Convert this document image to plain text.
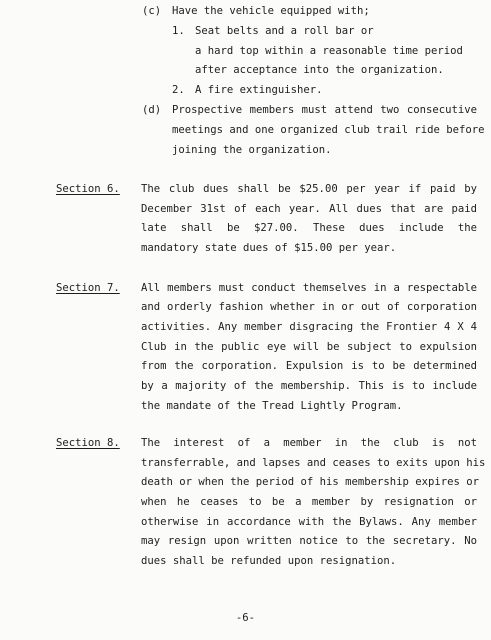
(c) Have the vehicle equipped with;

1. Seat belts and a roll bar or

a hard top within a reasonable time period

after acceptance into the organization.

2. A fire extinguisher.

(d) Prospective members must attend two consecutive

meetings and one organized club trail ride before

joining the organization.

Section 6. The club dues shall be $25.00 per year if paid by

December 31st of each year. All dues that are paid

late shall be $27.00. These dues include the

mandatory state dues of $15.00 per year.

Section 7. All members must conduct themselves in a respectable

and orderly fashion whether in or out of corporation

activities. Any member disgracing the Frontier 4 X 4

Club in the public eye will be subject to expulsion

from the corporation. Expulsion is to be determined

by a majority of the membership. This is to include

the mandate of the Tread Lightly Program.

Section 8. The interest of a member in the club is not

transferrable, and lapses and ceases to exits upon his

death or when the period of his membership expires or

when he ceases to be a member by resignation or

otherwise in accordance with the Bylaws. Any member

may resign upon written notice to the secretary. No

dues shall be refunded upon resignation.

-6-
